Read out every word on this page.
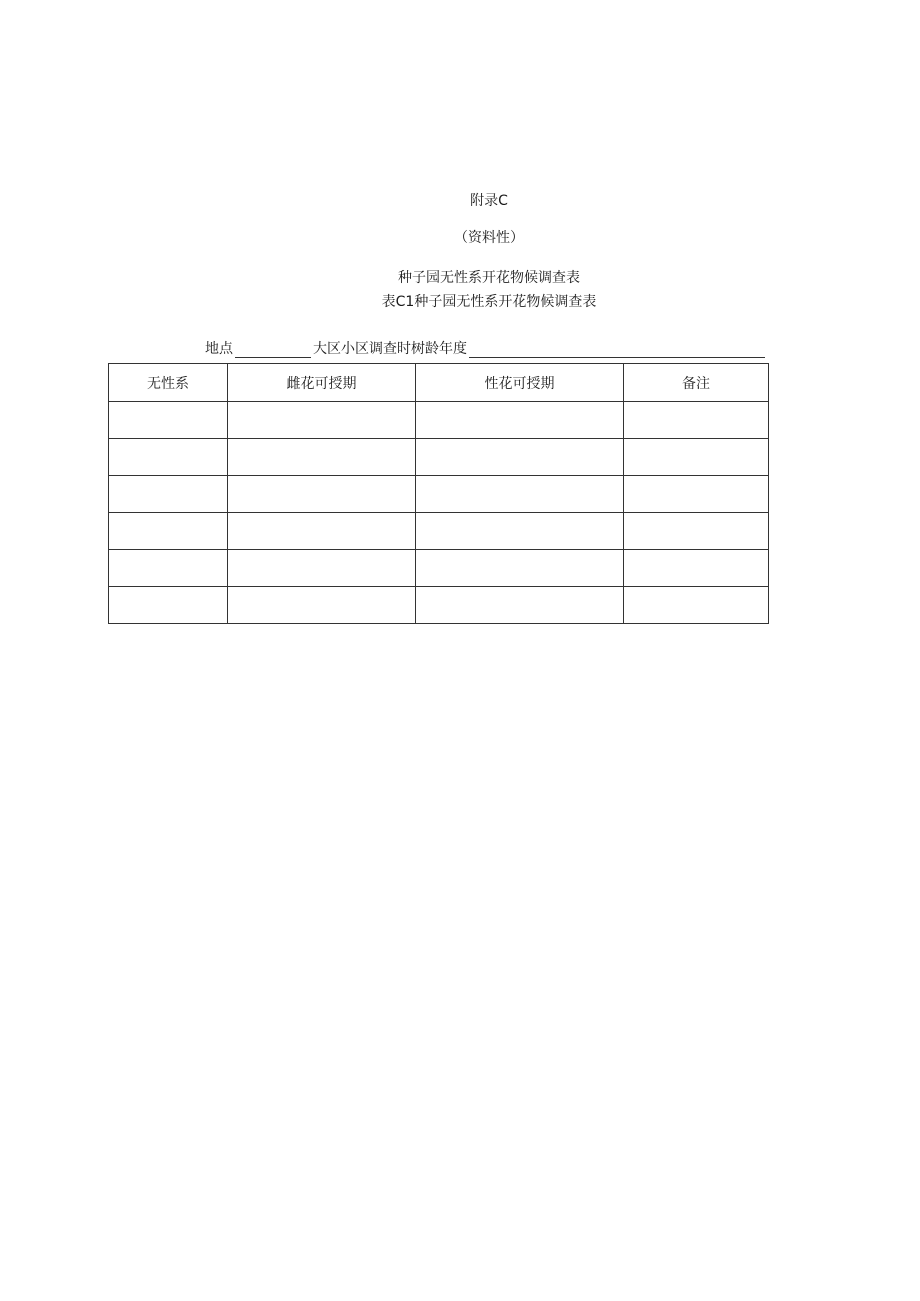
附录C
（资料性）
种子园无性系开花物候调查表
表C1种子园无性系开花物候调查表
地点	大区小区调查时树龄年度
无性系	雌花可授期	性花可授期	备注
